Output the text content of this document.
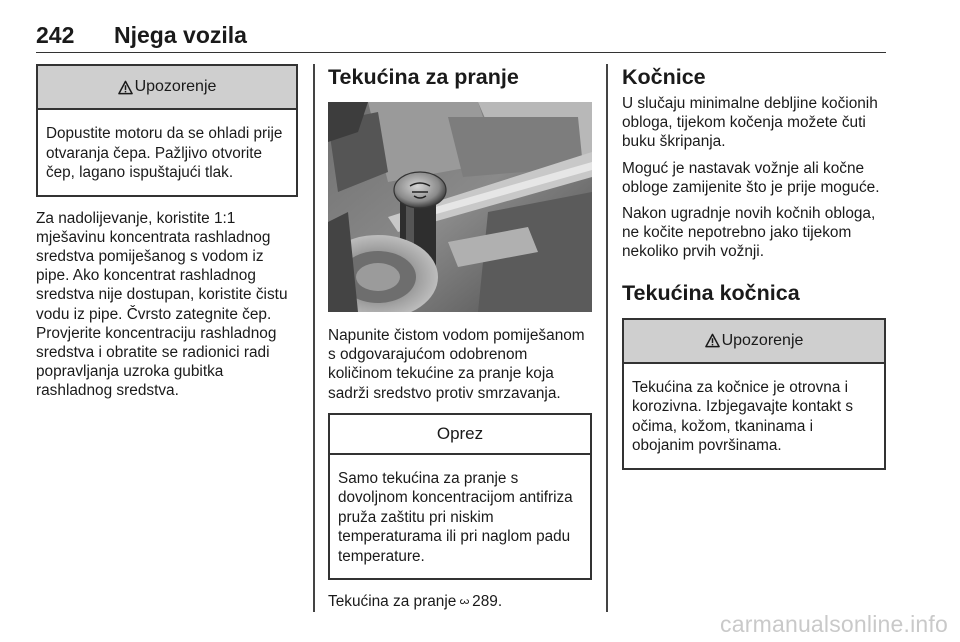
242 Njega vozila
Upozorenje
Dopustite motoru da se ohladi prije otvaranja čepa. Pažljivo otvorite čep, lagano ispuštajući tlak.
Za nadolijevanje, koristite 1:1 mješavinu koncentrata rashladnog sredstva pomiješanog s vodom iz pipe. Ako koncentrat rashladnog sredstva nije dostupan, koristite čistu vodu iz pipe. Čvrsto zategnite čep. Provjerite koncentraciju rashladnog sredstva i obratite se radionici radi popravljanja uzroka gubitka rashladnog sredstva.
Tekućina za pranje
Napunite čistom vodom pomiješanom s odgovarajućom odobrenom količinom tekućine za pranje koja sadrži sredstvo protiv smrzavanja.
Oprez
Samo tekućina za pranje s dovoljnom koncentracijom antifriza pruža zaštitu pri niskim temperaturama ili pri naglom padu temperature.
Tekućina za pranje 3 289.
Kočnice
U slučaju minimalne debljine kočionih obloga, tijekom kočenja možete čuti buku škripanja.
Moguć je nastavak vožnje ali kočne obloge zamijenite što je prije moguće.
Nakon ugradnje novih kočnih obloga, ne kočite nepotrebno jako tijekom nekoliko prvih vožnji.
Tekućina kočnica
Upozorenje
Tekućina za kočnice je otrovna i korozivna. Izbjegavajte kontakt s očima, kožom, tkaninama i obojanim površinama.
carmanualsonline.info
